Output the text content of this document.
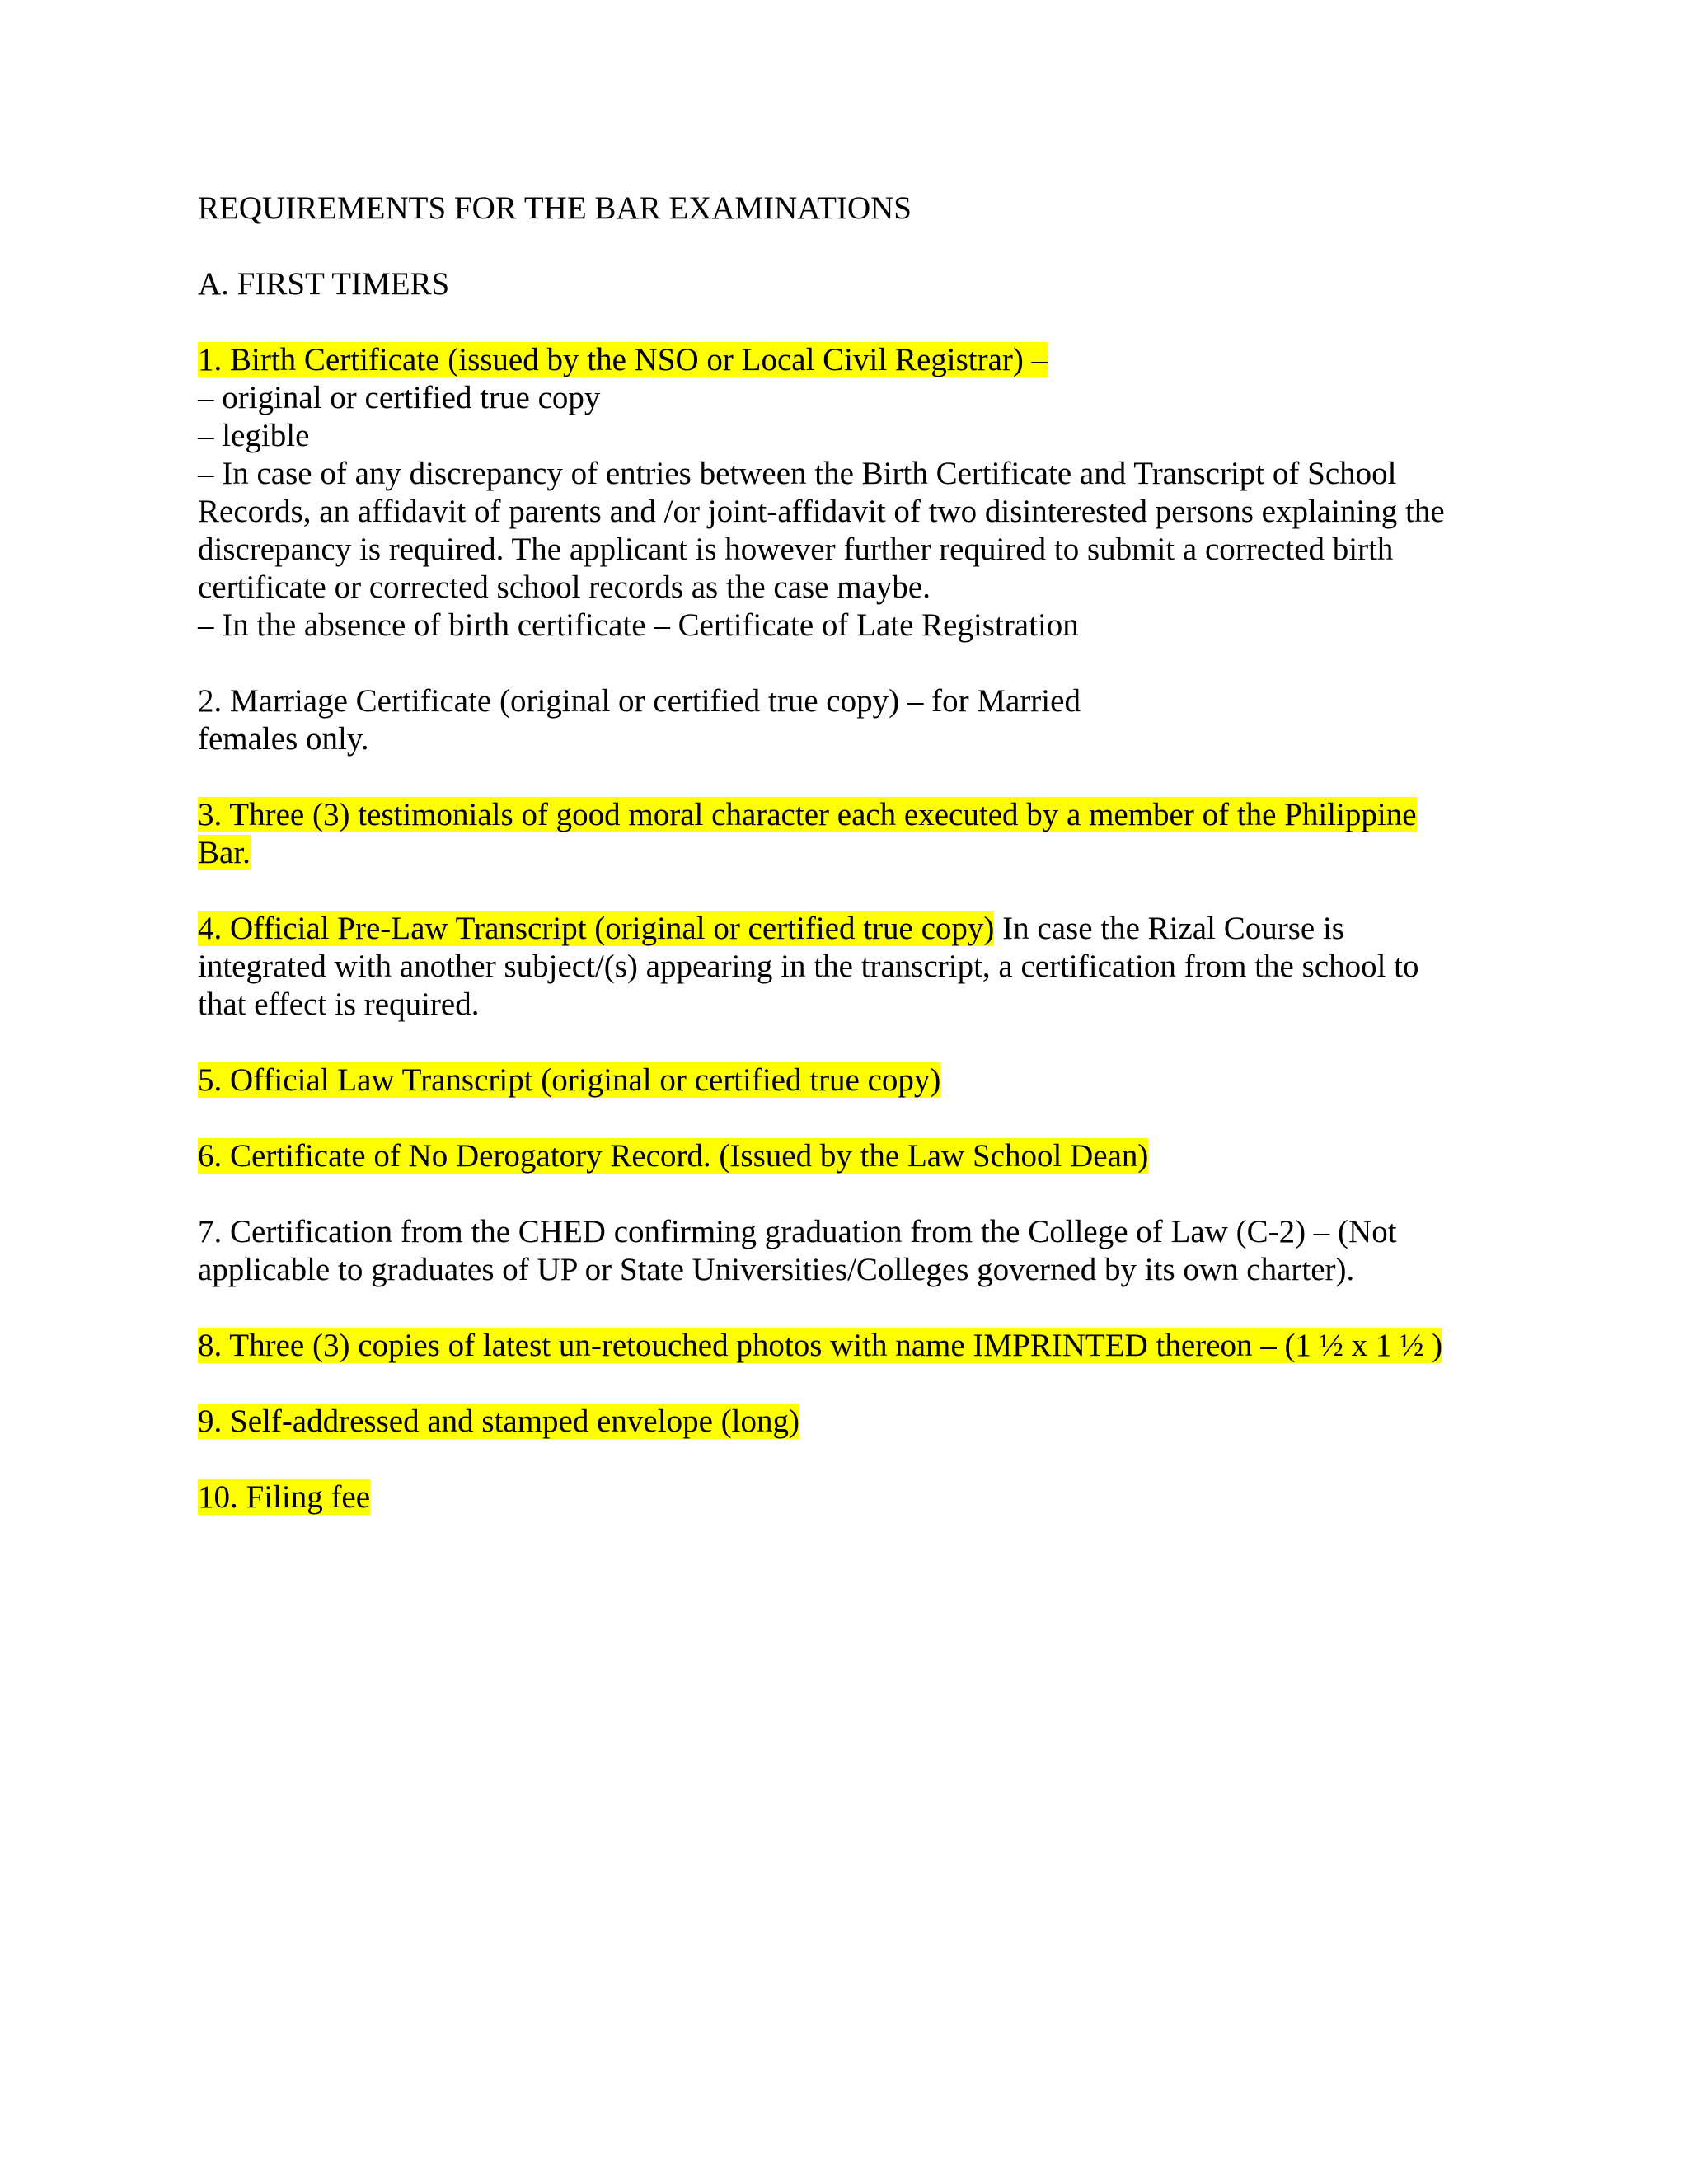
REQUIREMENTS FOR THE BAR EXAMINATIONS

A. FIRST TIMERS

1. Birth Certificate (issued by the NSO or Local Civil Registrar) –

– original or certified true copy

– legible

– In case of any discrepancy of entries between the Birth Certificate and Transcript of School

Records, an affidavit of parents and /or joint-affidavit of two disinterested persons explaining the

discrepancy is required. The applicant is however further required to submit a corrected birth

certificate or corrected school records as the case maybe.

– In the absence of birth certificate – Certificate of Late Registration

2. Marriage Certificate (original or certified true copy) – for Married

females only.

3. Three (3) testimonials of good moral character each executed by a member of the Philippine

Bar.

4. Official Pre-Law Transcript (original or certified true copy) In case the Rizal Course is

integrated with another subject/(s) appearing in the transcript, a certification from the school to

that effect is required.

5. Official Law Transcript (original or certified true copy)

6. Certificate of No Derogatory Record. (Issued by the Law School Dean)

7. Certification from the CHED confirming graduation from the College of Law (C-2) – (Not

applicable to graduates of UP or State Universities/Colleges governed by its own charter).

8. Three (3) copies of latest un-retouched photos with name IMPRINTED thereon – (1 ½ x 1 ½ )

9. Self-addressed and stamped envelope (long)

10. Filing fee
